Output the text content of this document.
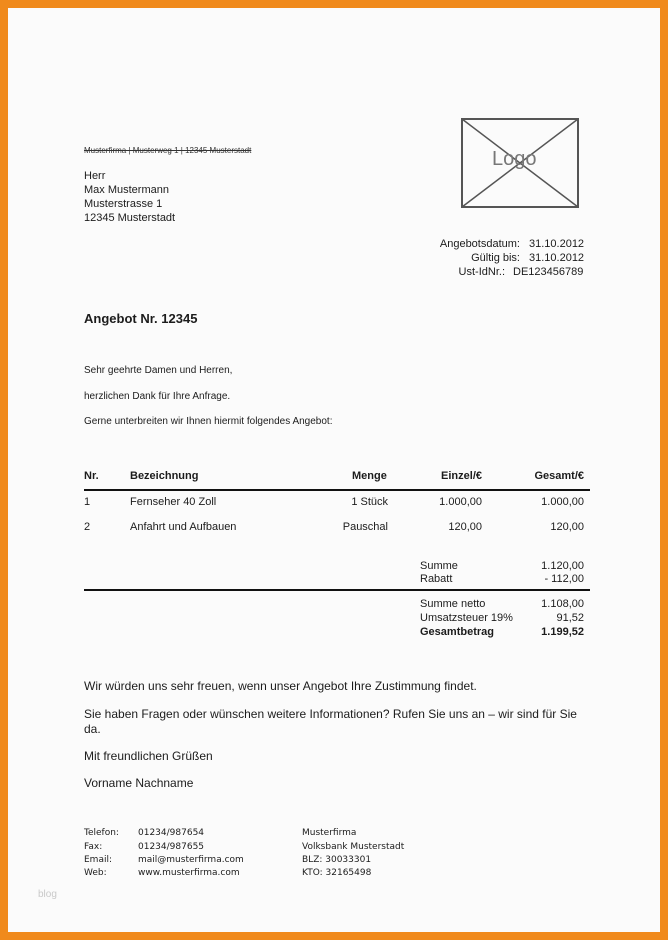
Musterfirma | Musterweg 1 | 12345 Musterstadt
Herr
Max Mustermann
Musterstrasse 1
12345 Musterstadt
Logo
Angebotsdatum: 31.10.2012
Gültig bis: 31.10.2012
Ust-IdNr.: DE123456789
Angebot Nr. 12345
Sehr geehrte Damen und Herren,
herzlichen Dank für Ihre Anfrage.
Gerne unterbreiten wir Ihnen hiermit folgendes Angebot:
Nr.	Bezeichnung	Menge	Einzel/€	Gesamt/€
1	Fernseher 40 Zoll	1 Stück	1.000,00	1.000,00
2	Anfahrt und Aufbauen	Pauschal	120,00	120,00
Summe	1.120,00
Rabatt	- 112,00
Summe netto	1.108,00
Umsatzsteuer 19%	91,52
Gesamtbetrag	1.199,52
Wir würden uns sehr freuen, wenn unser Angebot Ihre Zustimmung findet.
Sie haben Fragen oder wünschen weitere Informationen? Rufen Sie uns an – wir sind für Sie
da.
Mit freundlichen Grüßen
Vorname Nachname
Telefon: 01234/987654
Fax:	01234/987655
Email:	mail@musterfirma.com
Web:	www.musterfirma.com
Musterfirma
Volksbank Musterstadt
BLZ: 30033301
KTO: 32165498
blog
